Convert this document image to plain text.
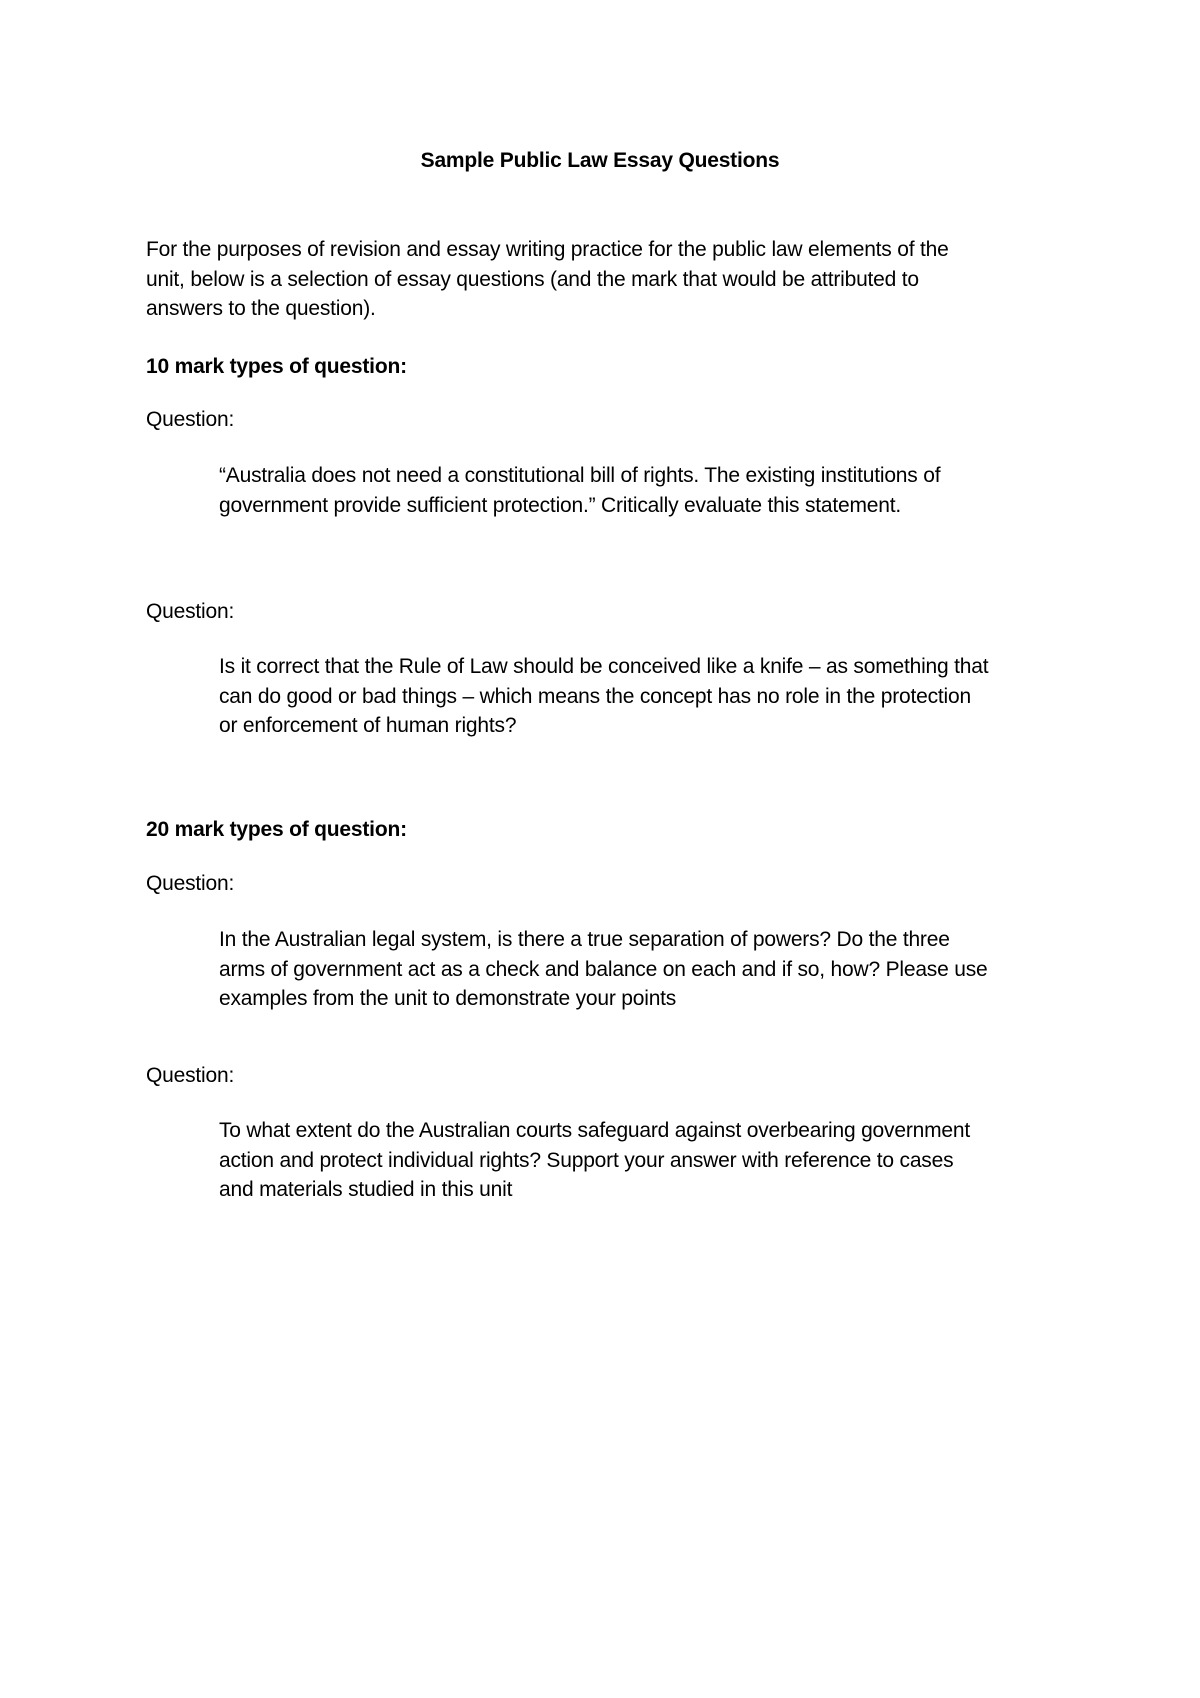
Sample Public Law Essay Questions
For the purposes of revision and essay writing practice for the public law elements of the
unit, below is a selection of essay questions (and the mark that would be attributed to
answers to the question).
10 mark types of question:
Question:
“Australia does not need a constitutional bill of rights. The existing institutions of
government provide sufficient protection.” Critically evaluate this statement.
Question:
Is it correct that the Rule of Law should be conceived like a knife – as something that
can do good or bad things – which means the concept has no role in the protection
or enforcement of human rights?
20 mark types of question:
Question:
In the Australian legal system, is there a true separation of powers? Do the three
arms of government act as a check and balance on each and if so, how? Please use
examples from the unit to demonstrate your points
Question:
To what extent do the Australian courts safeguard against overbearing government
action and protect individual rights? Support your answer with reference to cases
and materials studied in this unit
